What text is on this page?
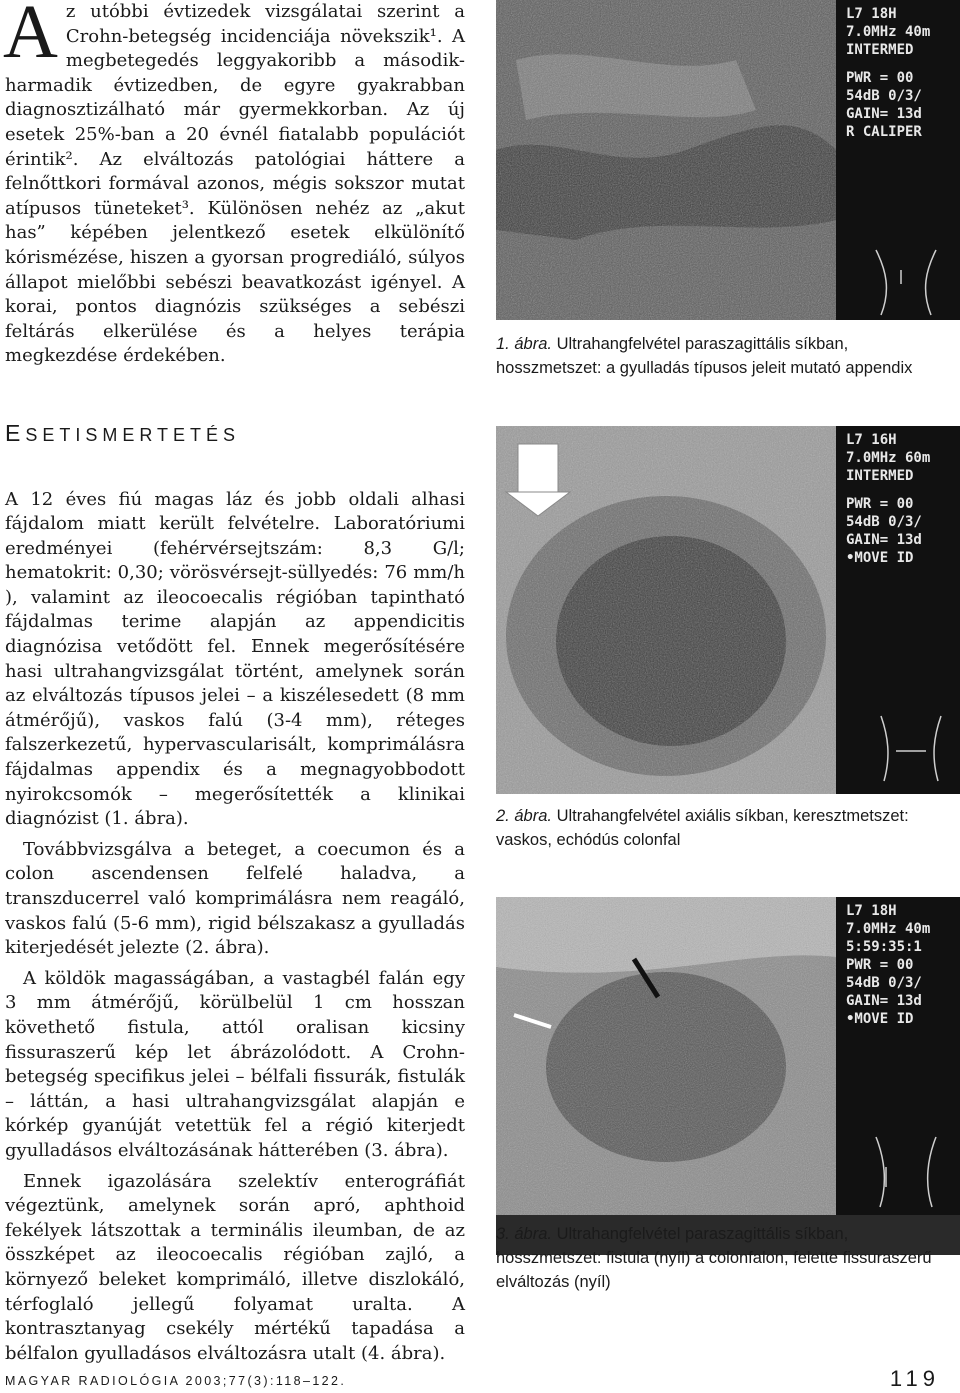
A z utóbbi évtizedek vizsgálatai szerint a Crohn-betegség incidenciája növekszik¹. A megbetegedés leggyakoribb a második-harmadik évtizedben, de egyre gyakrabban diagnosztizálható már gyermekkorban. Az új esetek 25%-ban a 20 évnél fiatalabb populációt érintik². Az elváltozás patológiai háttere a felnőttkori formával azonos, mégis sokszor mutat atípusos tüneteket³. Különösen nehéz az „akut has” képében jelentkező esetek elkülönítő kórismézése, hiszen a gyorsan progrediáló, súlyos állapot mielőbbi sebészi beavatkozást igényel. A korai, pontos diagnózis szükséges a sebészi feltárás elkerülése és a helyes terápia megkezdése érdekében.

ESETISMERTETÉS

A 12 éves fiú magas láz és jobb oldali alhasi fájdalom miatt került felvételre. Laboratóriumi eredményei (fehérvérsejtszám: 8,3 G/l; hematokrit: 0,30; vörösvérsejt-süllyedés: 76 mm/h ), valamint az ileocoecalis régióban tapintható fájdalmas terime alapján az appendicitis diagnózisa vetődött fel. Ennek megerősítésére hasi ultrahangvizsgálat történt, amelynek során az elváltozás típusos jelei – a kiszélesedett (8 mm átmérőjű), vaskos falú (3-4 mm), réteges falszerkezetű, hypervascularisált, komprimálásra fájdalmas appendix és a megnagyobbodott nyirokcsomók – megerősítették a klinikai diagnózist (1. ábra).

Továbbvizsgálva a beteget, a coecumon és a colon ascendensen felfelé haladva, a transzducerrel való komprimálásra nem reagáló, vaskos falú (5-6 mm), rigid bélszakasz a gyulladás kiterjedését jelezte (2. ábra).

A köldök magasságában, a vastagbél falán egy 3 mm átmérőjű, körülbelül 1 cm hosszan követhető fistula, attól oralisan kicsiny fissuraszerű kép let ábrázolódott. A Crohn-betegség specifikus jelei – bélfali fissurák, fistulák – láttán, a hasi ultrahangvizsgálat alapján e kórkép gyanúját vetettük fel a régió kiterjedt gyulladásos elváltozásának hátterében (3. ábra).

Ennek igazolására szelektív enterográfiát végeztünk, amelynek során apró, aphthoid fekélyek látszottak a terminális ileumban, de az összképet az ileocoecalis régióban zajló, a környező beleket komprimáló, illetve diszlokáló, térfoglaló jellegű folyamat uralta. A kontrasztanyag csekély mértékű tapadása a bélfalon gyulladásos elváltozásra utalt (4. ábra).

L7 18H 7.0MHz 40m INTERMED PWR = 00 54dB 0/3/ GAIN= 13d R CALIPER
1. ábra. Ultrahangfelvétel paraszagittális síkban, hosszmetszet: a gyulladás típusos jeleit mutató appendix
L7 16H 7.0MHz 60m INTERMED PWR = 00 54dB 0/3/ GAIN= 13d •MOVE ID
2. ábra. Ultrahangfelvétel axiális síkban, keresztmetszet: vaskos, echódús colonfal
L7 18H 7.0MHz 40m 5:59:35:1 PWR = 00 54dB 0/3/ GAIN= 13d •MOVE ID
3. ábra. Ultrahangfelvétel paraszagittális síkban, hosszmetszet: fistula (nyíl) a colonfalon, felette fissuraszerű elváltozás (nyíl)
MAGYAR RADIOLÓGIA 2003;77(3):118–122.	119
